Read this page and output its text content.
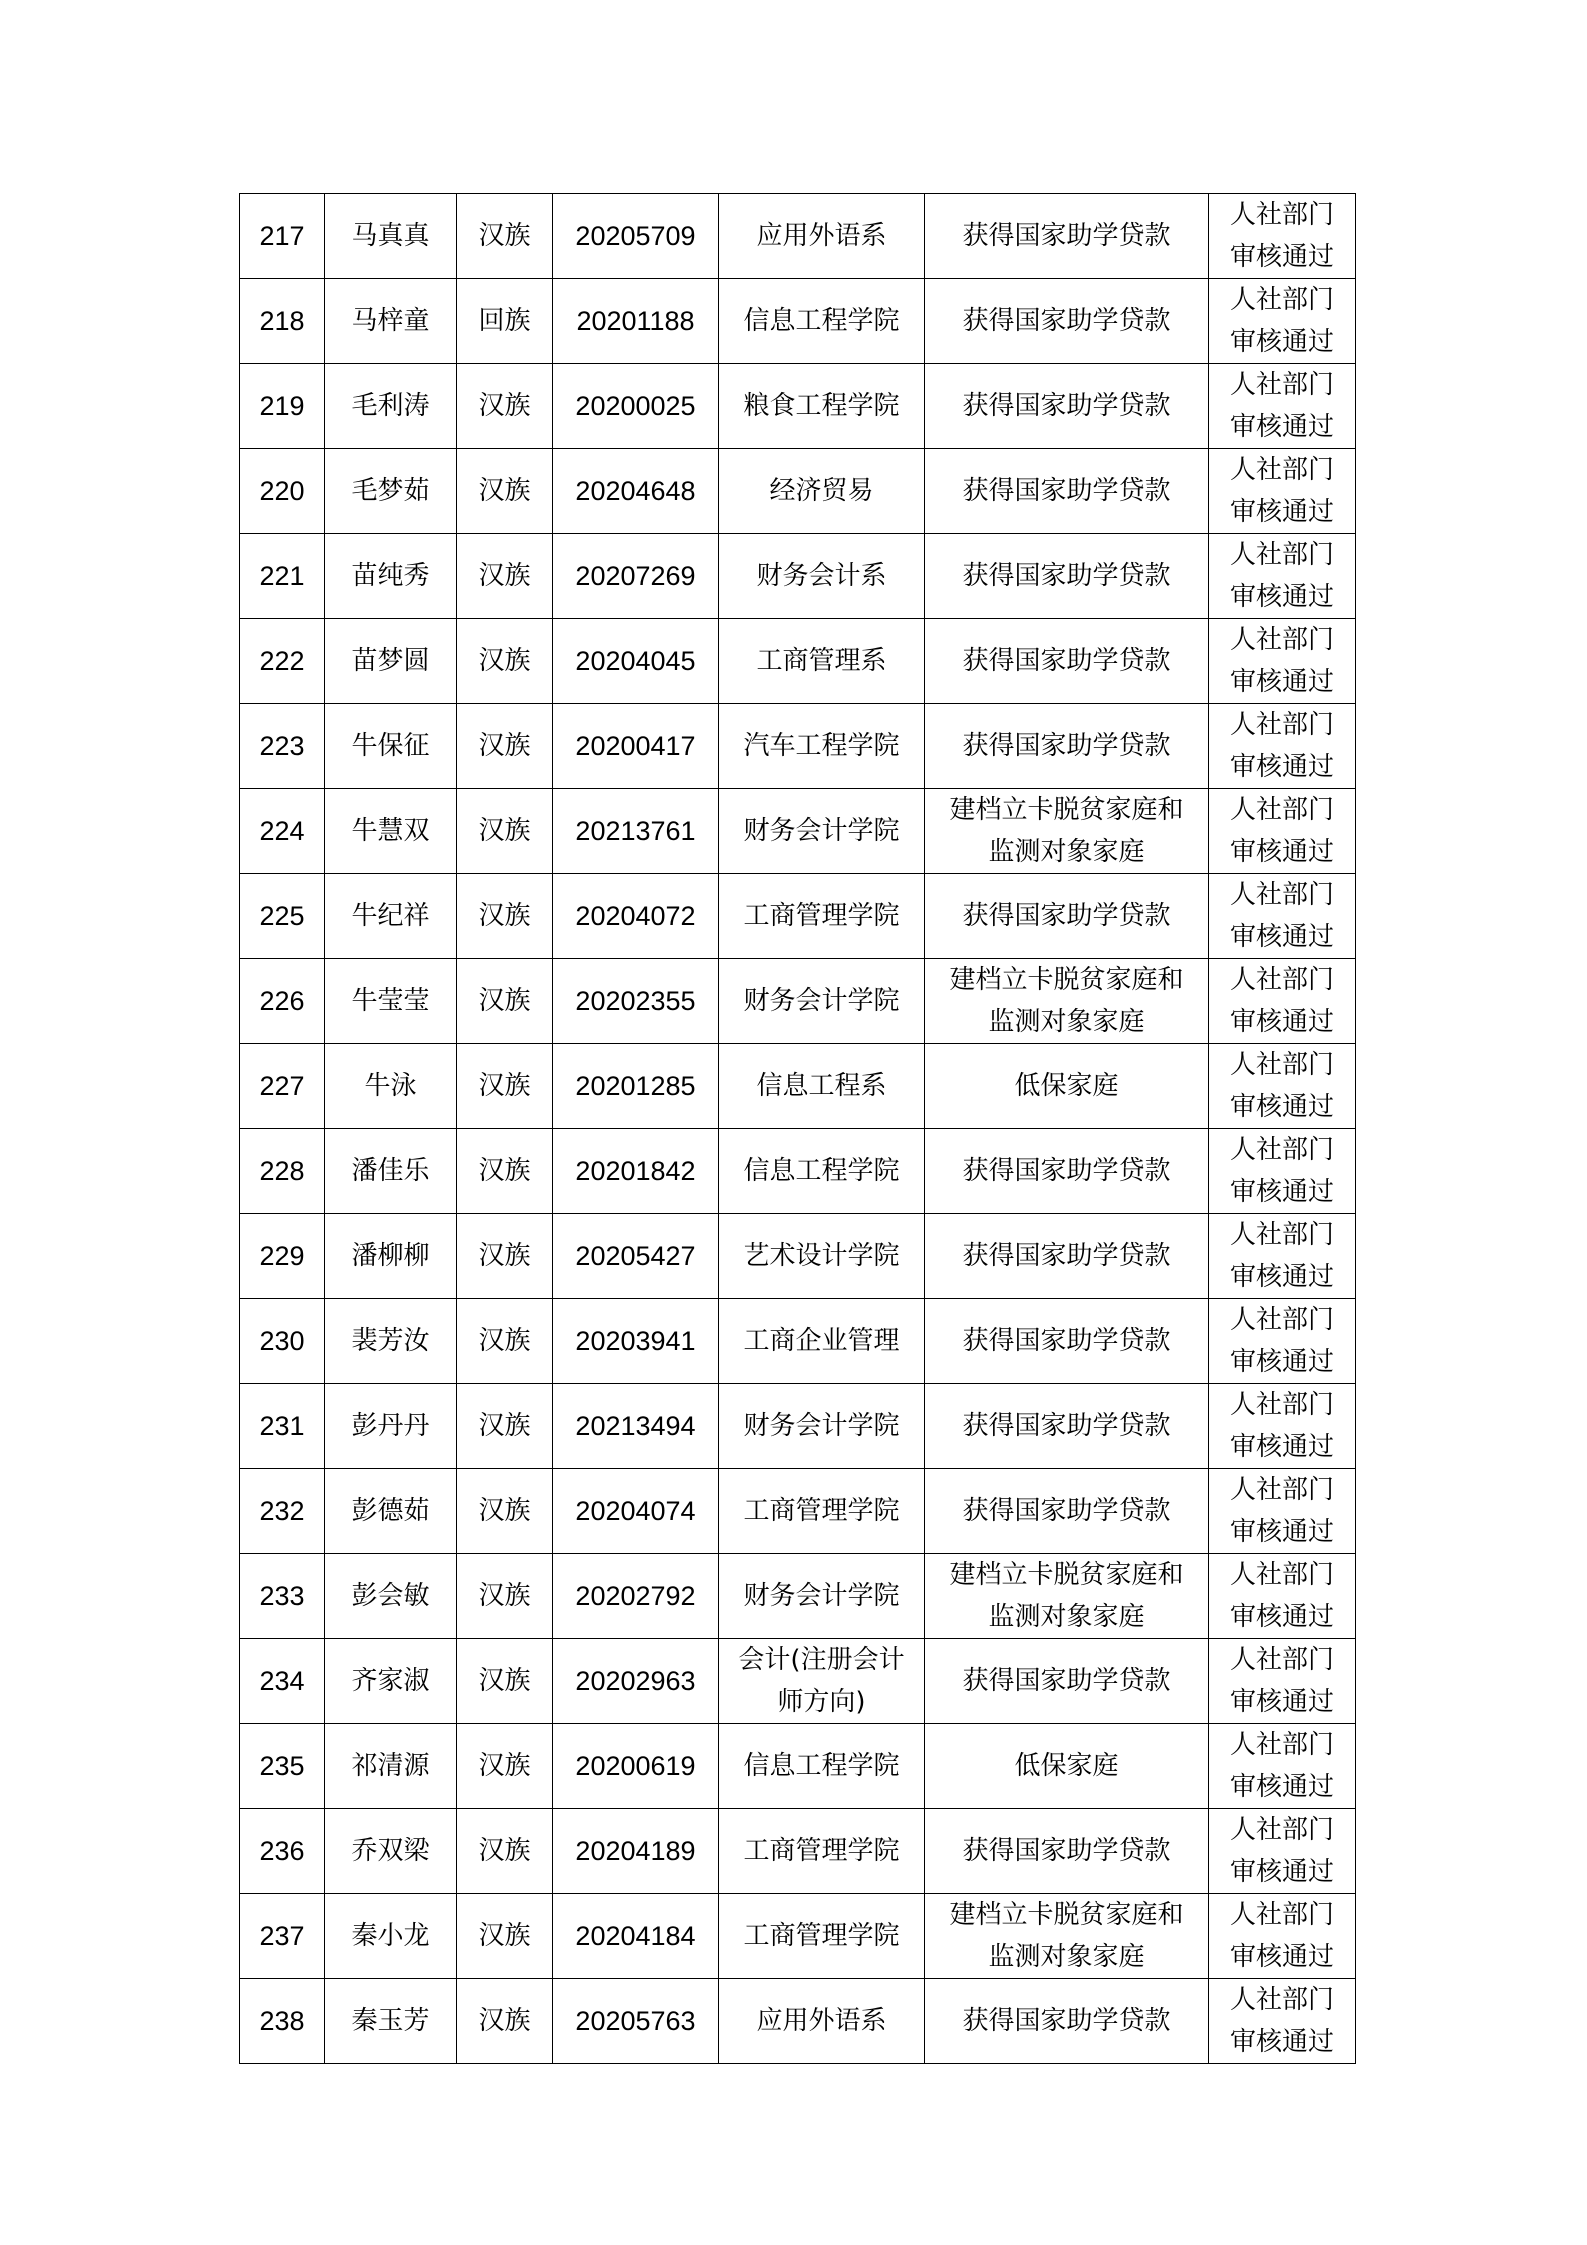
217	马真真	汉族	20205709	应用外语系	获得国家助学贷款	人社部门
审核通过

218	马梓童	回族	20201188	信息工程学院	获得国家助学贷款	人社部门
审核通过

219	毛利涛	汉族	20200025	粮食工程学院	获得国家助学贷款	人社部门
审核通过

220	毛梦茹	汉族	20204648	经济贸易	获得国家助学贷款	人社部门
审核通过

221	苗纯秀	汉族	20207269	财务会计系	获得国家助学贷款	人社部门
审核通过

222	苗梦圆	汉族	20204045	工商管理系	获得国家助学贷款	人社部门
审核通过

223	牛保征	汉族	20200417	汽车工程学院	获得国家助学贷款	人社部门
审核通过

224	牛慧双	汉族	20213761	财务会计学院	建档立卡脱贫家庭和
监测对象家庭	人社部门
审核通过

225	牛纪祥	汉族	20204072	工商管理学院	获得国家助学贷款	人社部门
审核通过

226	牛莹莹	汉族	20202355	财务会计学院	建档立卡脱贫家庭和
监测对象家庭	人社部门
审核通过

227	牛泳	汉族	20201285	信息工程系	低保家庭	人社部门
审核通过

228	潘佳乐	汉族	20201842	信息工程学院	获得国家助学贷款	人社部门
审核通过

229	潘柳柳	汉族	20205427	艺术设计学院	获得国家助学贷款	人社部门
审核通过

230	裴芳汝	汉族	20203941	工商企业管理	获得国家助学贷款	人社部门
审核通过

231	彭丹丹	汉族	20213494	财务会计学院	获得国家助学贷款	人社部门
审核通过

232	彭德茹	汉族	20204074	工商管理学院	获得国家助学贷款	人社部门
审核通过

233	彭会敏	汉族	20202792	财务会计学院	建档立卡脱贫家庭和
监测对象家庭	人社部门
审核通过

234	齐家淑	汉族	20202963	会计(注册会计
师方向)	获得国家助学贷款	人社部门
审核通过

235	祁清源	汉族	20200619	信息工程学院	低保家庭	人社部门
审核通过

236	乔双梁	汉族	20204189	工商管理学院	获得国家助学贷款	人社部门
审核通过

237	秦小龙	汉族	20204184	工商管理学院	建档立卡脱贫家庭和
监测对象家庭	人社部门
审核通过

238	秦玉芳	汉族	20205763	应用外语系	获得国家助学贷款	人社部门
审核通过
